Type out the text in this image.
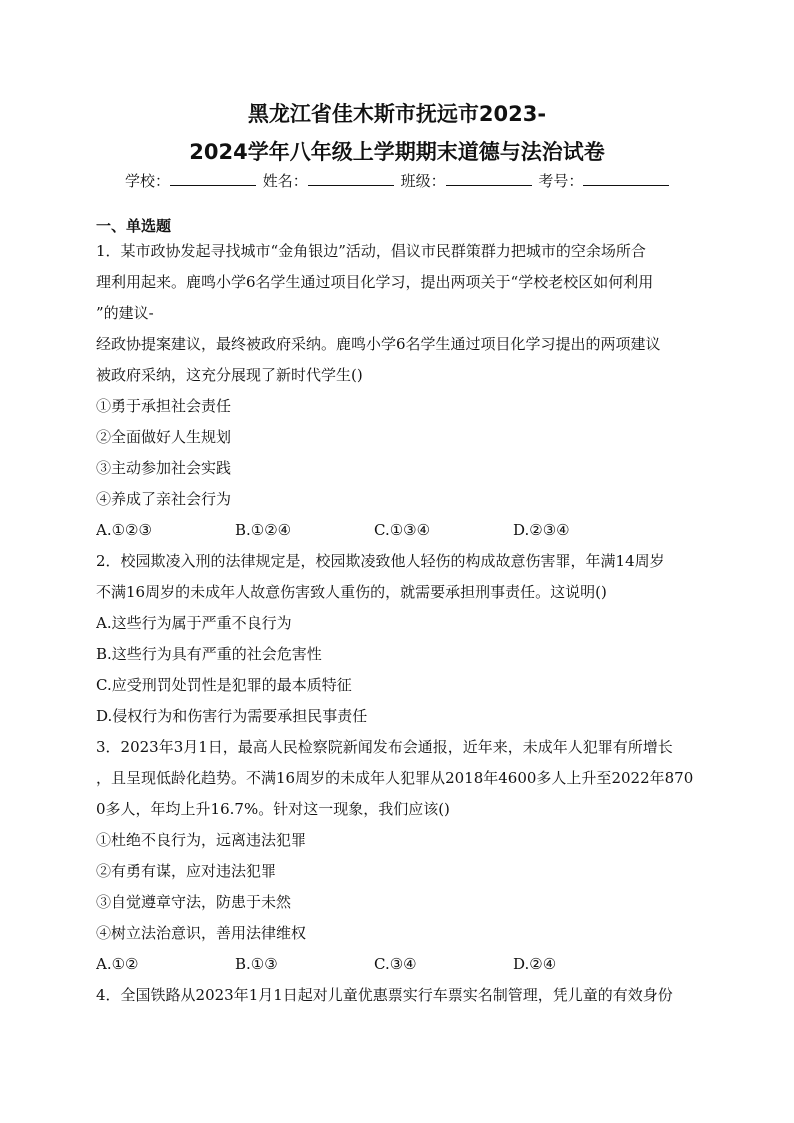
黑龙江省佳木斯市抚远市2023-
2024学年八年级上学期期末道德与法治试卷
学校：	姓名：	班级：	考号：
一、单选题
1．某市政协发起寻找城市“金角银边”活动，倡议市民群策群力把城市的空余场所合
理利用起来。鹿鸣小学6名学生通过项目化学习，提出两项关于“学校老校区如何利用
”的建议-
经政协提案建议，最终被政府采纳。鹿鸣小学6名学生通过项目化学习提出的两项建议
被政府采纳，这充分展现了新时代学生()
①勇于承担社会责任
②全面做好人生规划
③主动参加社会实践
④养成了亲社会行为
A.①②③	B.①②④	C.①③④	D.②③④
2．校园欺凌入刑的法律规定是，校园欺凌致他人轻伤的构成故意伤害罪，年满14周岁
不满16周岁的未成年人故意伤害致人重伤的，就需要承担刑事责任。这说明()
A.这些行为属于严重不良行为
B.这些行为具有严重的社会危害性
C.应受刑罚处罚性是犯罪的最本质特征
D.侵权行为和伤害行为需要承担民事责任
3．2023年3月1日，最高人民检察院新闻发布会通报，近年来，未成年人犯罪有所增长
，且呈现低龄化趋势。不满16周岁的未成年人犯罪从2018年4600多人上升至2022年870
0多人，年均上升16.7%。针对这一现象，我们应该()
①杜绝不良行为，远离违法犯罪
②有勇有谋，应对违法犯罪
③自觉遵章守法，防患于未然
④树立法治意识，善用法律维权
A.①②	B.①③	C.③④	D.②④
4．全国铁路从2023年1月1日起对儿童优惠票实行车票实名制管理，凭儿童的有效身份
